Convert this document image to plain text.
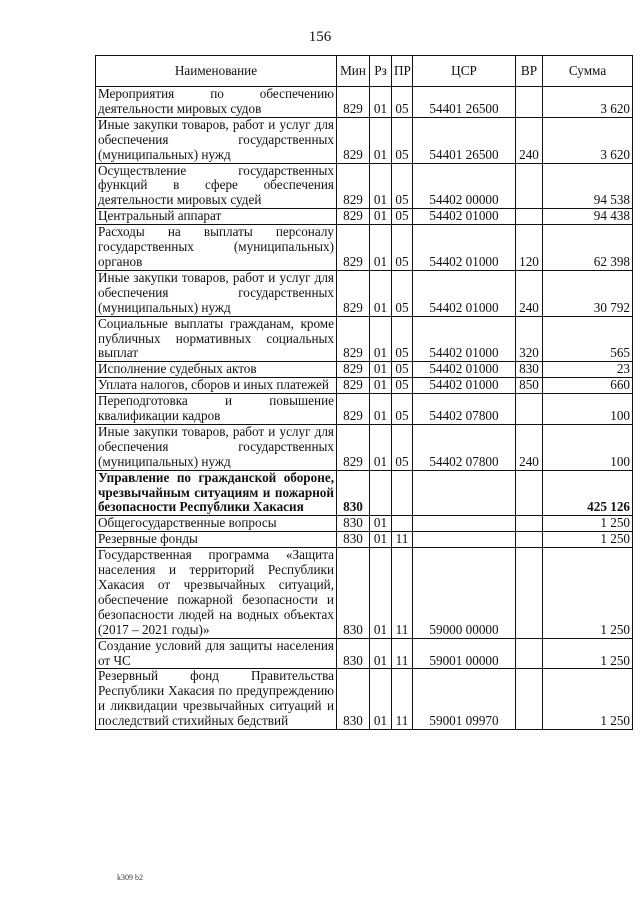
156
Наименование	Мин	Рз	ПР	ЦСР	ВР	Сумма
Мероприятия по обеспечению деятельности мировых судов	829	01	05	54401 26500		3 620
Иные закупки товаров, работ и услуг для обеспечения государственных (муниципальных) нужд	829	01	05	54401 26500	240	3 620
Осуществление государственных функций в сфере обеспечения деятельности мировых судей	829	01	05	54402 00000		94 538
Центральный аппарат	829	01	05	54402 01000		94 438
Расходы на выплаты персоналу государственных (муниципальных) органов	829	01	05	54402 01000	120	62 398
Иные закупки товаров, работ и услуг для обеспечения государственных (муниципальных) нужд	829	01	05	54402 01000	240	30 792
Социальные выплаты гражданам, кроме публичных нормативных социальных выплат	829	01	05	54402 01000	320	565
Исполнение судебных актов	829	01	05	54402 01000	830	23
Уплата налогов, сборов и иных платежей	829	01	05	54402 01000	850	660
Переподготовка и повышение квалификации кадров	829	01	05	54402 07800		100
Иные закупки товаров, работ и услуг для обеспечения государственных (муниципальных) нужд	829	01	05	54402 07800	240	100
Управление по гражданской обороне, чрезвычайным ситуациям и пожарной безопасности Республики Хакасия	830					425 126
Общегосударственные вопросы	830	01				1 250
Резервные фонды	830	01	11			1 250
Государственная программа «Защита населения и территорий Республики Хакасия от чрезвычайных ситуаций, обеспечение пожарной безопасности и безопасности людей на водных объектах (2017 – 2021 годы)»	830	01	11	59000 00000		1 250
Создание условий для защиты населения от ЧС	830	01	11	59001 00000		1 250
Резервный фонд Правительства Республики Хакасия по предупреждению и ликвидации чрезвычайных ситуаций и последствий стихийных бедствий	830	01	11	59001 09970		1 250
k309 b2
